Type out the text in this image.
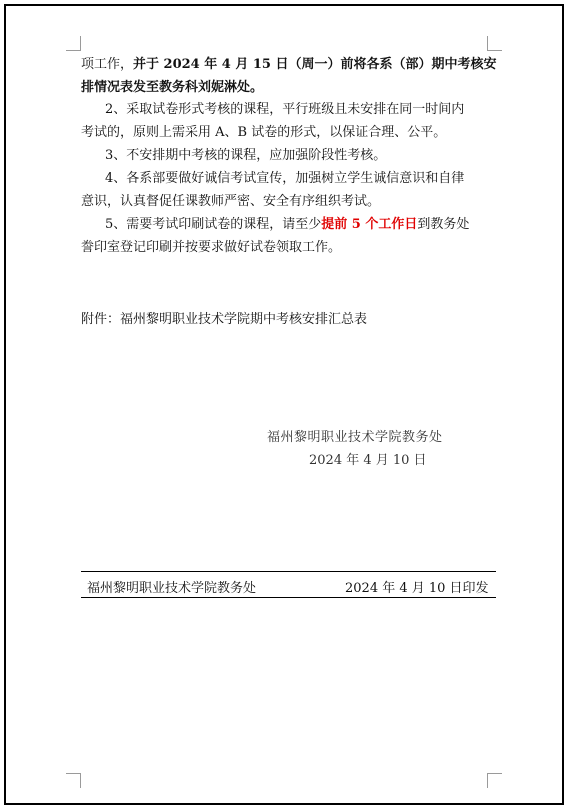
项工作，并于 2024 年 4 月 15 日（周一）前将各系（部）期中考核安
排情况表发至教务科刘妮淋处。
2、采取试卷形式考核的课程，平行班级且未安排在同一时间内
考试的，原则上需采用 A、B 试卷的形式，以保证合理、公平。
3、不安排期中考核的课程，应加强阶段性考核。
4、各系部要做好诚信考试宣传，加强树立学生诚信意识和自律
意识，认真督促任课教师严密、安全有序组织考试。
5、需要考试印刷试卷的课程，请至少提前 5 个工作日到教务处
誊印室登记印刷并按要求做好试卷领取工作。
附件：福州黎明职业技术学院期中考核安排汇总表
福州黎明职业技术学院教务处
2024 年 4 月 10 日
福州黎明职业技术学院教务处	2024 年 4 月 10 日印发
